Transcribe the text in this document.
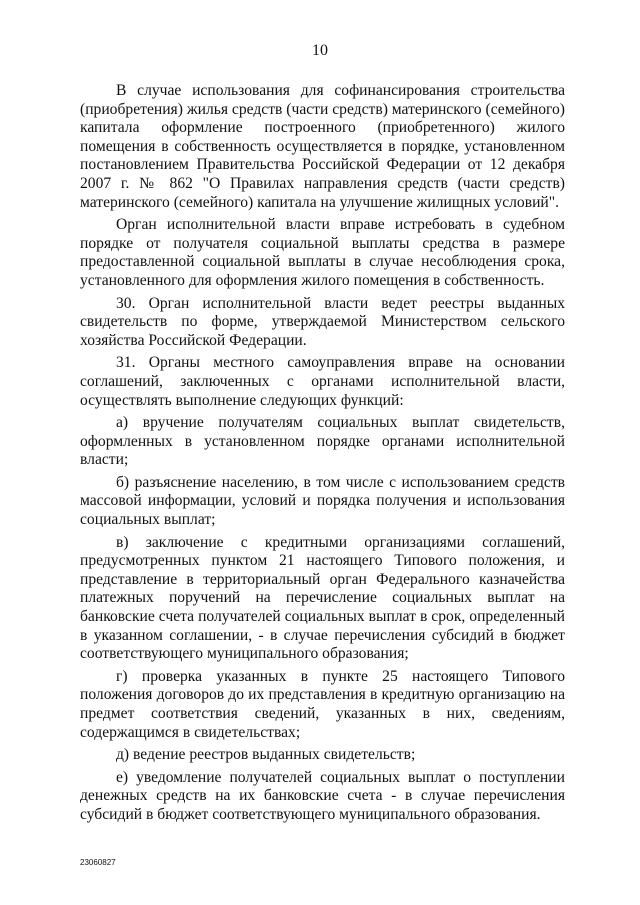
10

В случае использования для софинансирования строительства (приобретения) жилья средств (части средств) материнского (семейного) капитала оформление построенного (приобретенного) жилого помещения в собственность осуществляется в порядке, установленном постановлением Правительства Российской Федерации от 12 декабря 2007 г. № 862 "О Правилах направления средств (части средств) материнского (семейного) капитала на улучшение жилищных условий".

Орган исполнительной власти вправе истребовать в судебном порядке от получателя социальной выплаты средства в размере предоставленной социальной выплаты в случае несоблюдения срока, установленного для оформления жилого помещения в собственность.

30. Орган исполнительной власти ведет реестры выданных свидетельств по форме, утверждаемой Министерством сельского хозяйства Российской Федерации.

31. Органы местного самоуправления вправе на основании соглашений, заключенных с органами исполнительной власти, осуществлять выполнение следующих функций:

а) вручение получателям социальных выплат свидетельств, оформленных в установленном порядке органами исполнительной власти;

б) разъяснение населению, в том числе с использованием средств массовой информации, условий и порядка получения и использования социальных выплат;

в) заключение с кредитными организациями соглашений, предусмотренных пунктом 21 настоящего Типового положения, и представление в территориальный орган Федерального казначейства платежных поручений на перечисление социальных выплат на банковские счета получателей социальных выплат в срок, определенный в указанном соглашении, - в случае перечисления субсидий в бюджет соответствующего муниципального образования;

г) проверка указанных в пункте 25 настоящего Типового положения договоров до их представления в кредитную организацию на предмет соответствия сведений, указанных в них, сведениям, содержащимся в свидетельствах;

д) ведение реестров выданных свидетельств;

е) уведомление получателей социальных выплат о поступлении денежных средств на их банковские счета - в случае перечисления субсидий в бюджет соответствующего муниципального образования.

23060827
